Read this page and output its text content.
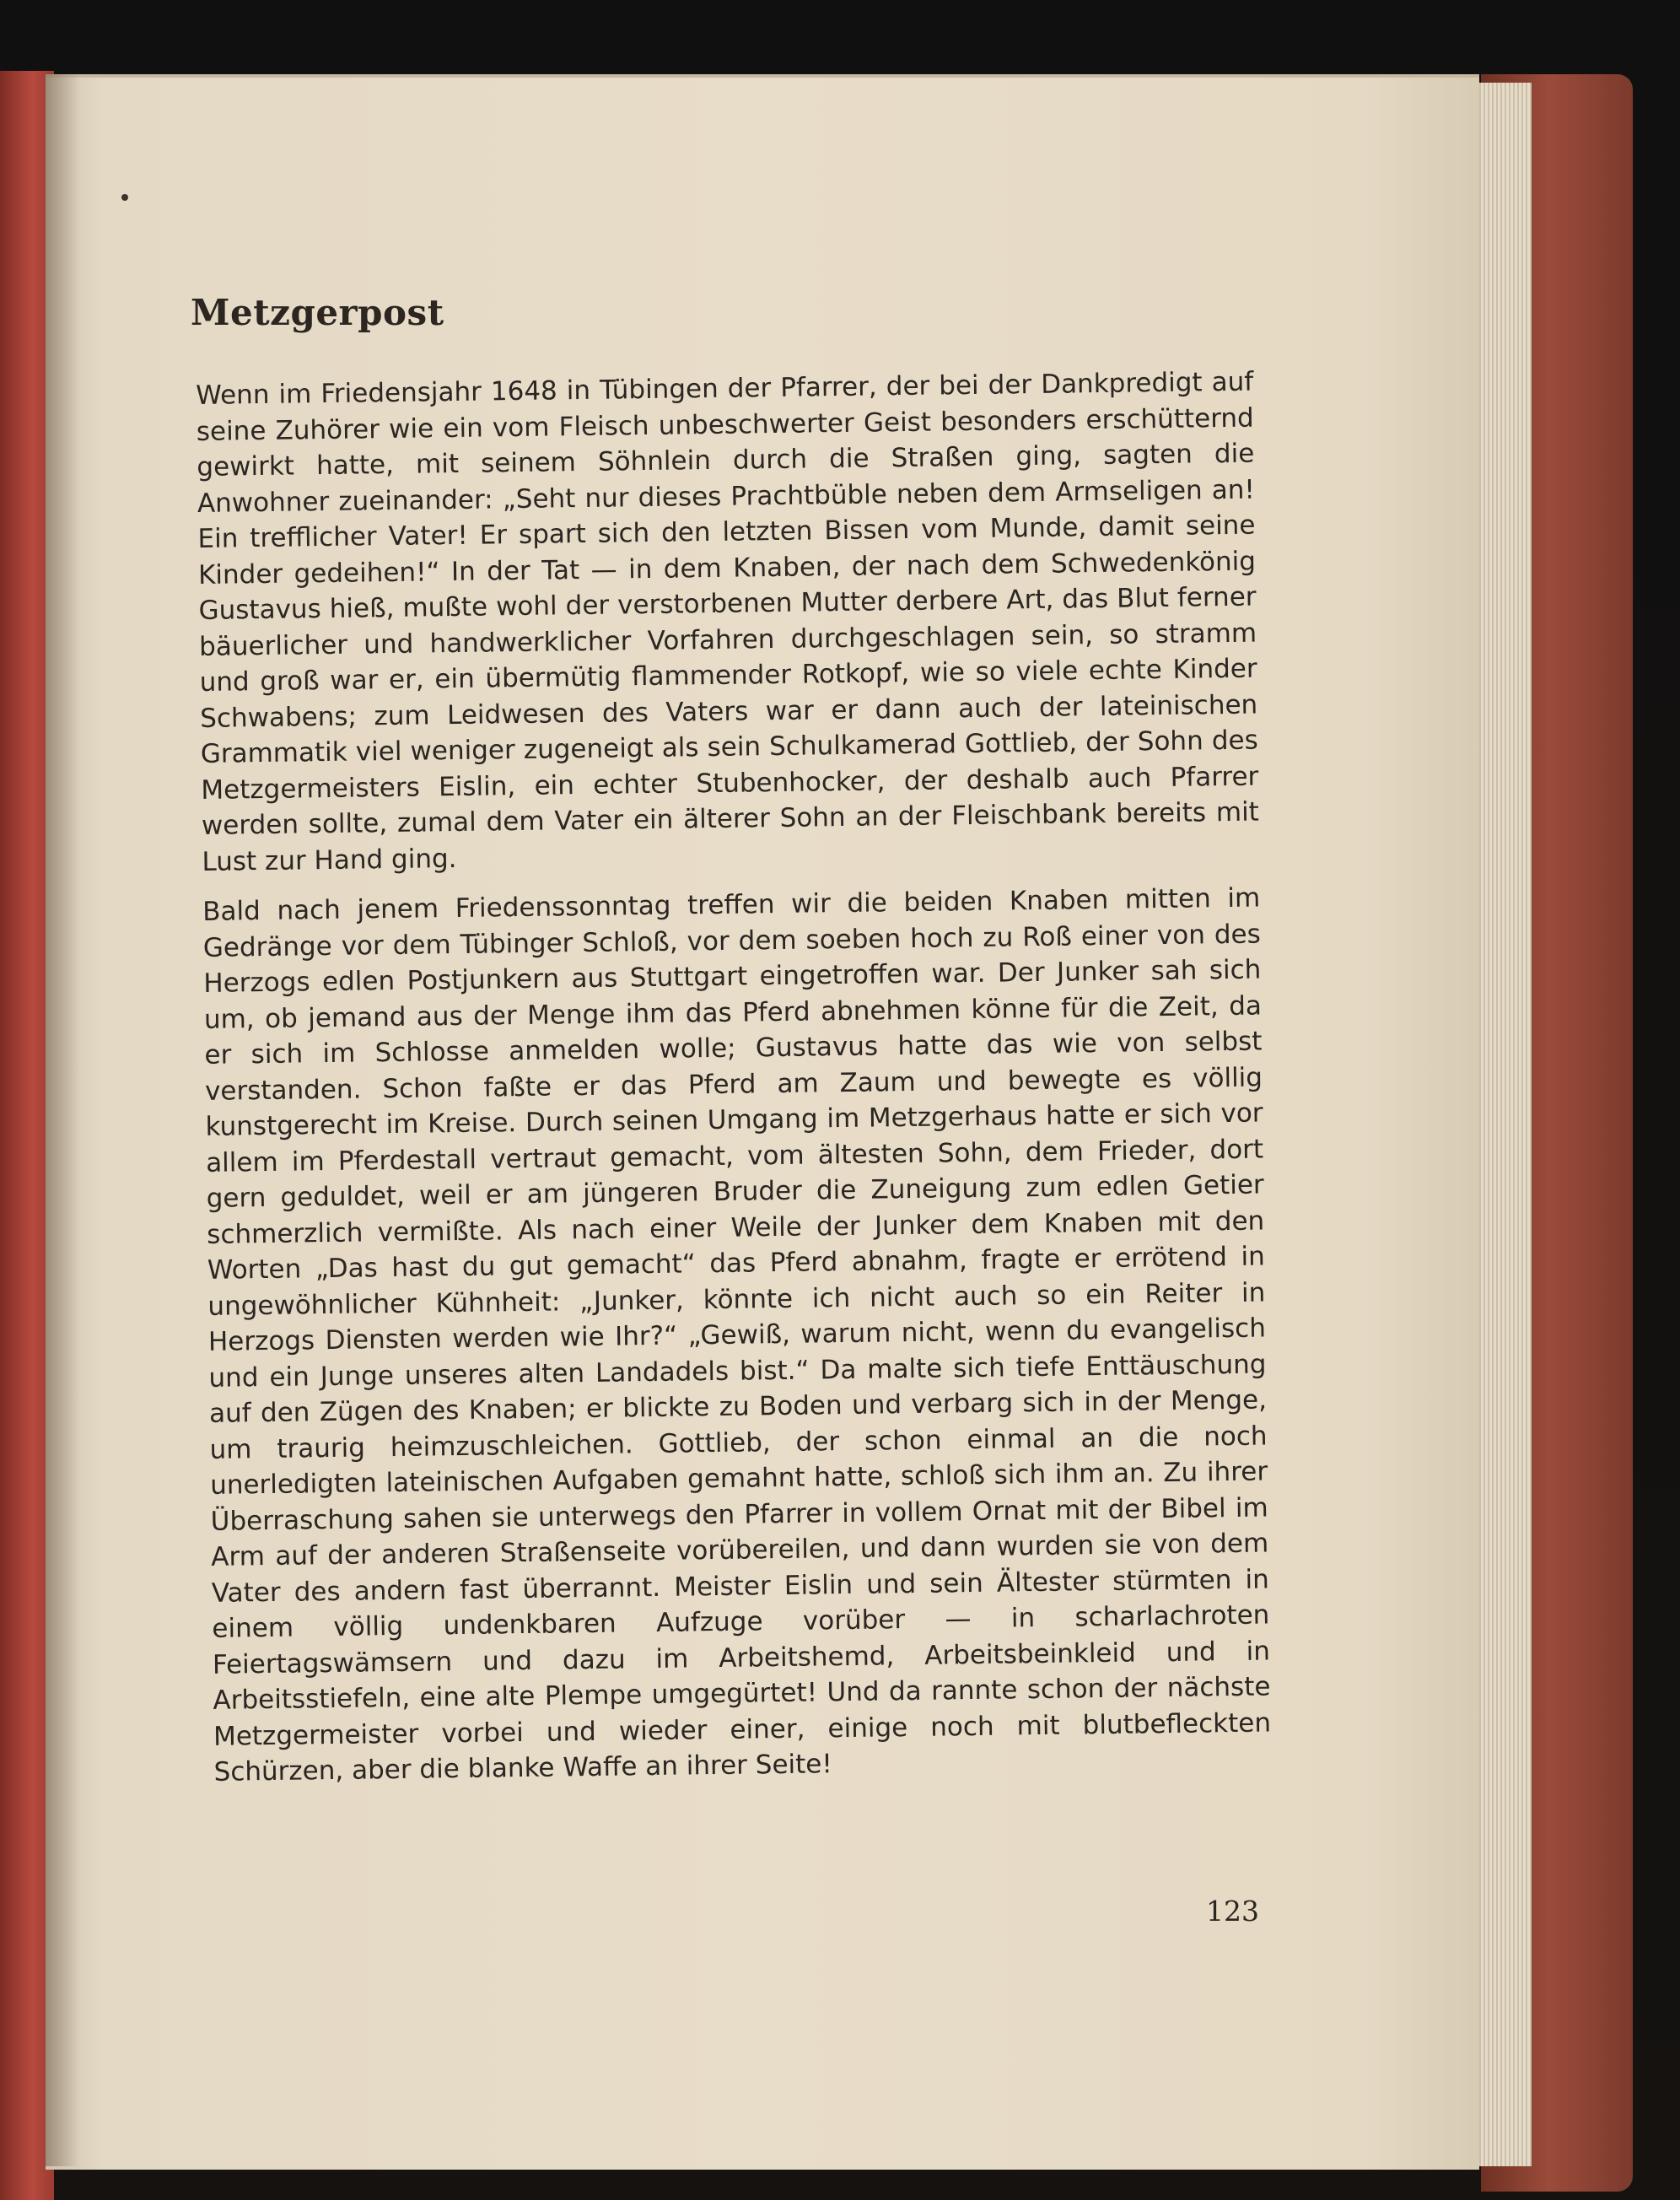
Metzgerpost

Wenn im Friedensjahr 1648 in Tübingen der Pfarrer, der bei der Dankpredigt auf seine Zuhörer wie ein vom Fleisch unbeschwerter Geist besonders erschütternd gewirkt hatte, mit seinem Söhnlein durch die Straßen ging, sagten die Anwohner zueinander: „Seht nur dieses Prachtbüble neben dem Armseligen an! Ein trefflicher Vater! Er spart sich den letzten Bissen vom Munde, damit seine Kinder gedeihen!“ In der Tat — in dem Knaben, der nach dem Schwedenkönig Gustavus hieß, mußte wohl der verstorbenen Mutter derbere Art, das Blut ferner bäuerlicher und handwerklicher Vorfahren durchgeschlagen sein, so stramm und groß war er, ein übermütig flammender Rotkopf, wie so viele echte Kinder Schwabens; zum Leidwesen des Vaters war er dann auch der lateinischen Grammatik viel weniger zugeneigt als sein Schulkamerad Gottlieb, der Sohn des Metzgermeisters Eislin, ein echter Stubenhocker, der deshalb auch Pfarrer werden sollte, zumal dem Vater ein älterer Sohn an der Fleischbank bereits mit Lust zur Hand ging.

Bald nach jenem Friedenssonntag treffen wir die beiden Knaben mitten im Gedränge vor dem Tübinger Schloß, vor dem soeben hoch zu Roß einer von des Herzogs edlen Postjunkern aus Stuttgart eingetroffen war. Der Junker sah sich um, ob jemand aus der Menge ihm das Pferd abnehmen könne für die Zeit, da er sich im Schlosse anmelden wolle; Gustavus hatte das wie von selbst verstanden. Schon faßte er das Pferd am Zaum und bewegte es völlig kunstgerecht im Kreise. Durch seinen Umgang im Metzgerhaus hatte er sich vor allem im Pferdestall vertraut gemacht, vom ältesten Sohn, dem Frieder, dort gern geduldet, weil er am jüngeren Bruder die Zuneigung zum edlen Getier schmerzlich vermißte. Als nach einer Weile der Junker dem Knaben mit den Worten „Das hast du gut gemacht“ das Pferd abnahm, fragte er errötend in ungewöhnlicher Kühnheit: „Junker, könnte ich nicht auch so ein Reiter in Herzogs Diensten werden wie Ihr?“ „Gewiß, warum nicht, wenn du evangelisch und ein Junge unseres alten Landadels bist.“ Da malte sich tiefe Enttäuschung auf den Zügen des Knaben; er blickte zu Boden und verbarg sich in der Menge, um traurig heimzuschleichen. Gottlieb, der schon einmal an die noch unerledigten lateinischen Aufgaben gemahnt hatte, schloß sich ihm an. Zu ihrer Überraschung sahen sie unterwegs den Pfarrer in vollem Ornat mit der Bibel im Arm auf der anderen Straßenseite vorübereilen, und dann wurden sie von dem Vater des andern fast überrannt. Meister Eislin und sein Ältester stürmten in einem völlig undenkbaren Aufzuge vorüber — in scharlachroten Feiertagswämsern und dazu im Arbeitshemd, Arbeitsbeinkleid und in Arbeitsstiefeln, eine alte Plempe umgegürtet! Und da rannte schon der nächste Metzgermeister vorbei und wieder einer, einige noch mit blutbefleckten Schürzen, aber die blanke Waffe an ihrer Seite!

123
